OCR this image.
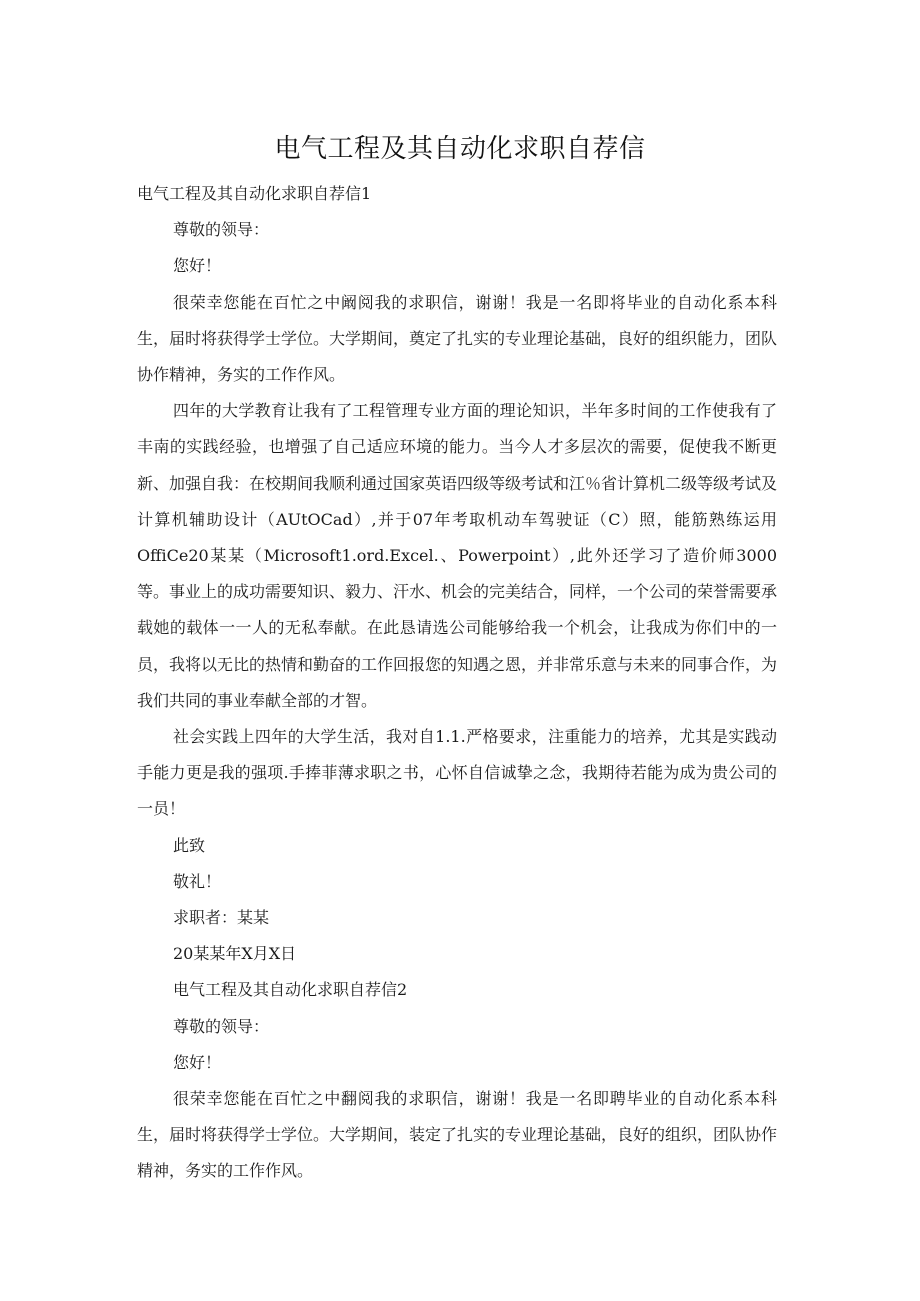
电气工程及其自动化求职自荐信

电气工程及其自动化求职自荐信1

尊敬的领导：

您好！

很荣幸您能在百忙之中阚阅我的求职信，谢谢！我是一名即将毕业的自动化系本科生，届时将获得学士学位。大学期间，奠定了扎实的专业理论基础，良好的组织能力，团队协作精神，务实的工作作风。

四年的大学教育让我有了工程管理专业方面的理论知识，半年多时间的工作使我有了丰南的实践经验，也增强了自己适应环境的能力。当今人才多层次的需要，促使我不断更新、加强自我：在校期间我顺利通过国家英语四级等级考试和江％省计算机二级等级考试及计算机辅助设计（AUtOCad）,并于07年考取机动车驾驶证（C）照，能筋熟练运用OffiCe20某某（Microsoft1.ord.Excel.、Powerpoint）,此外还学习了造价师3000等。事业上的成功需要知识、毅力、汗水、机会的完美结合，同样，一个公司的荣誉需要承载她的载体一一人的无私奉献。在此恳请选公司能够给我一个机会，让我成为你们中的一员，我将以无比的热情和勤奋的工作回报您的知遇之恩，并非常乐意与未来的同事合作，为我们共同的事业奉献全部的才智。

社会实践上四年的大学生活，我对自1.1.严格要求，注重能力的培养，尤其是实践动手能力更是我的强项.手捧菲薄求职之书，心怀自信诚挚之念，我期待若能为成为贵公司的一员！

此致

敬礼！

求职者：某某

20某某年X月X日

电气工程及其自动化求职自荐信2

尊敬的领导：

您好！

很荣幸您能在百忙之中翻阅我的求职信，谢谢！我是一名即聘毕业的自动化系本科生，届时将获得学士学位。大学期间，装定了扎实的专业理论基础，良好的组织，团队协作精神，务实的工作作风。
